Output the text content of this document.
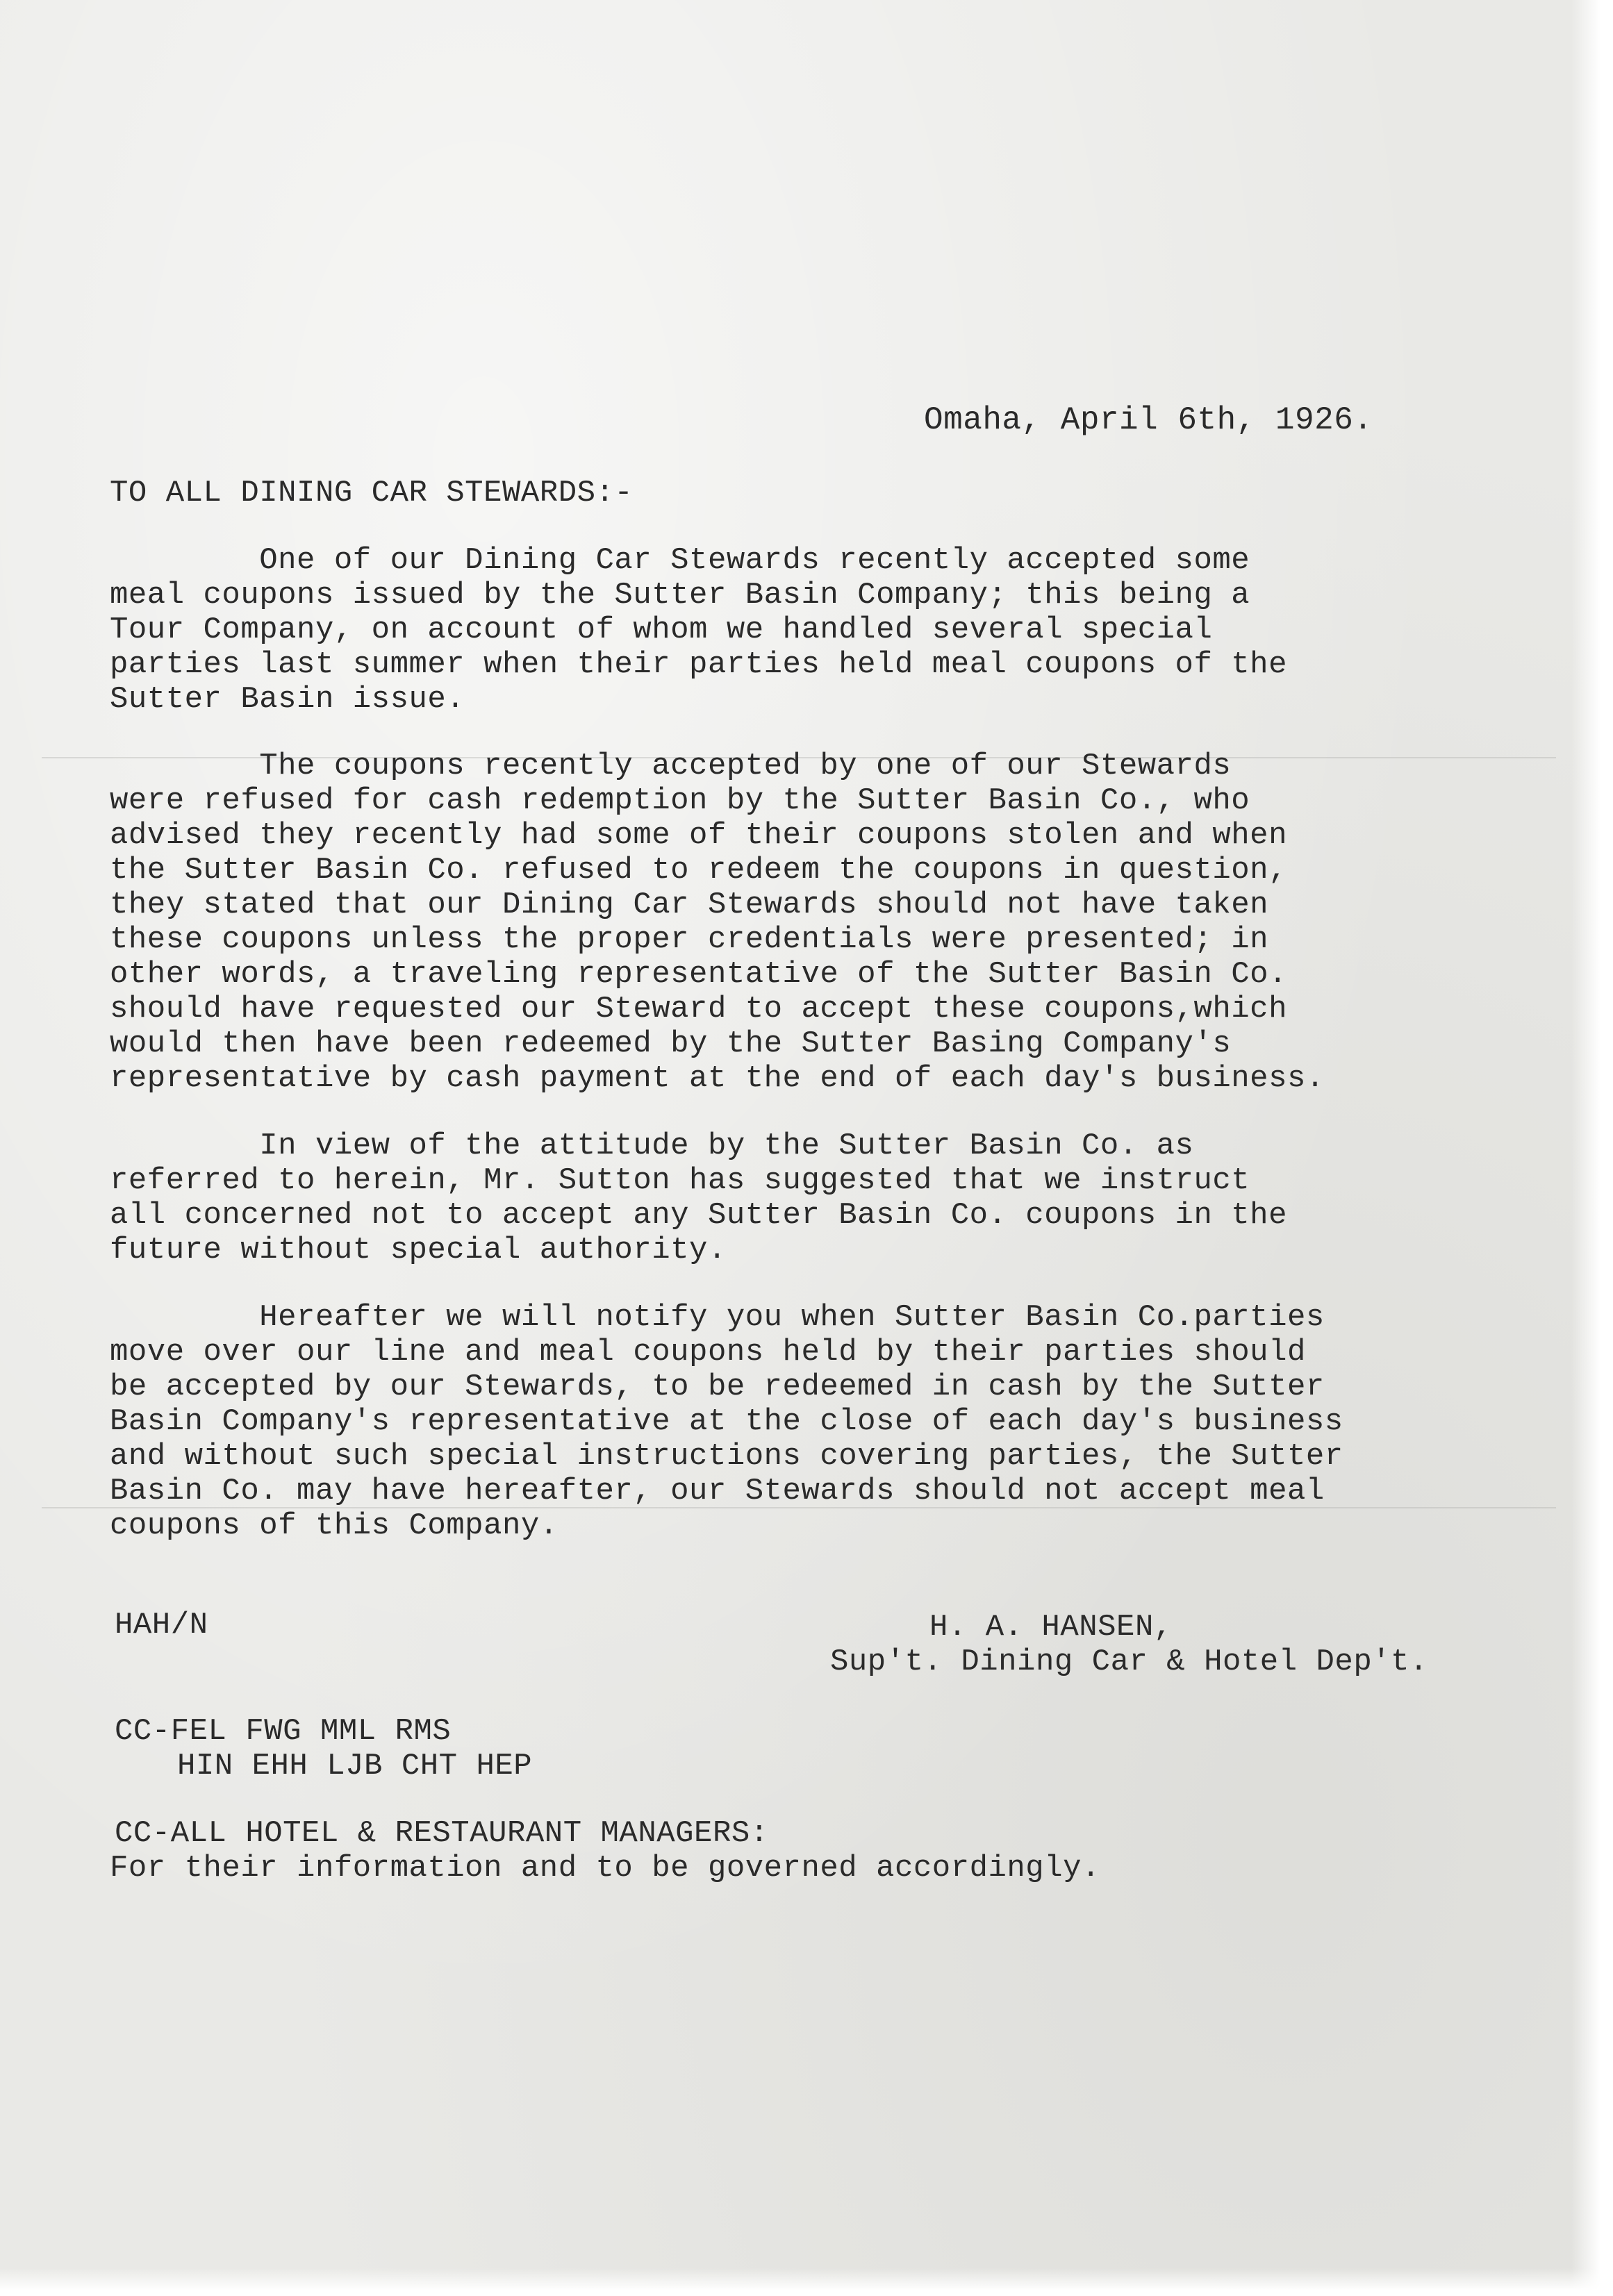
Omaha, April 6th, 1926.
TO ALL DINING CAR STEWARDS:-
One of our Dining Car Stewards recently accepted some
meal coupons issued by the Sutter Basin Company; this being a
Tour Company, on account of whom we handled several special
parties last summer when their parties held meal coupons of the
Sutter Basin issue.
The coupons recently accepted by one of our Stewards
were refused for cash redemption by the Sutter Basin Co., who
advised they recently had some of their coupons stolen and when
the Sutter Basin Co. refused to redeem the coupons in question,
they stated that our Dining Car Stewards should not have taken
these coupons unless the proper credentials were presented; in
other words, a traveling representative of the Sutter Basin Co.
should have requested our Steward to accept these coupons,which
would then have been redeemed by the Sutter Basing Company's
representative by cash payment at the end of each day's business.
In view of the attitude by the Sutter Basin Co. as
referred to herein, Mr. Sutton has suggested that we instruct
all concerned not to accept any Sutter Basin Co. coupons in the
future without special authority.
Hereafter we will notify you when Sutter Basin Co.parties
move over our line and meal coupons held by their parties should
be accepted by our Stewards, to be redeemed in cash by the Sutter
Basin Company's representative at the close of each day's business
and without such special instructions covering parties, the Sutter
Basin Co. may have hereafter, our Stewards should not accept meal
coupons of this Company.
HAH/N	H. A. HANSEN,
Sup't. Dining Car & Hotel Dep't.
CC-FEL FWG MML RMS
HIN EHH LJB CHT HEP
CC-ALL HOTEL & RESTAURANT MANAGERS:
For their information and to be governed accordingly.
